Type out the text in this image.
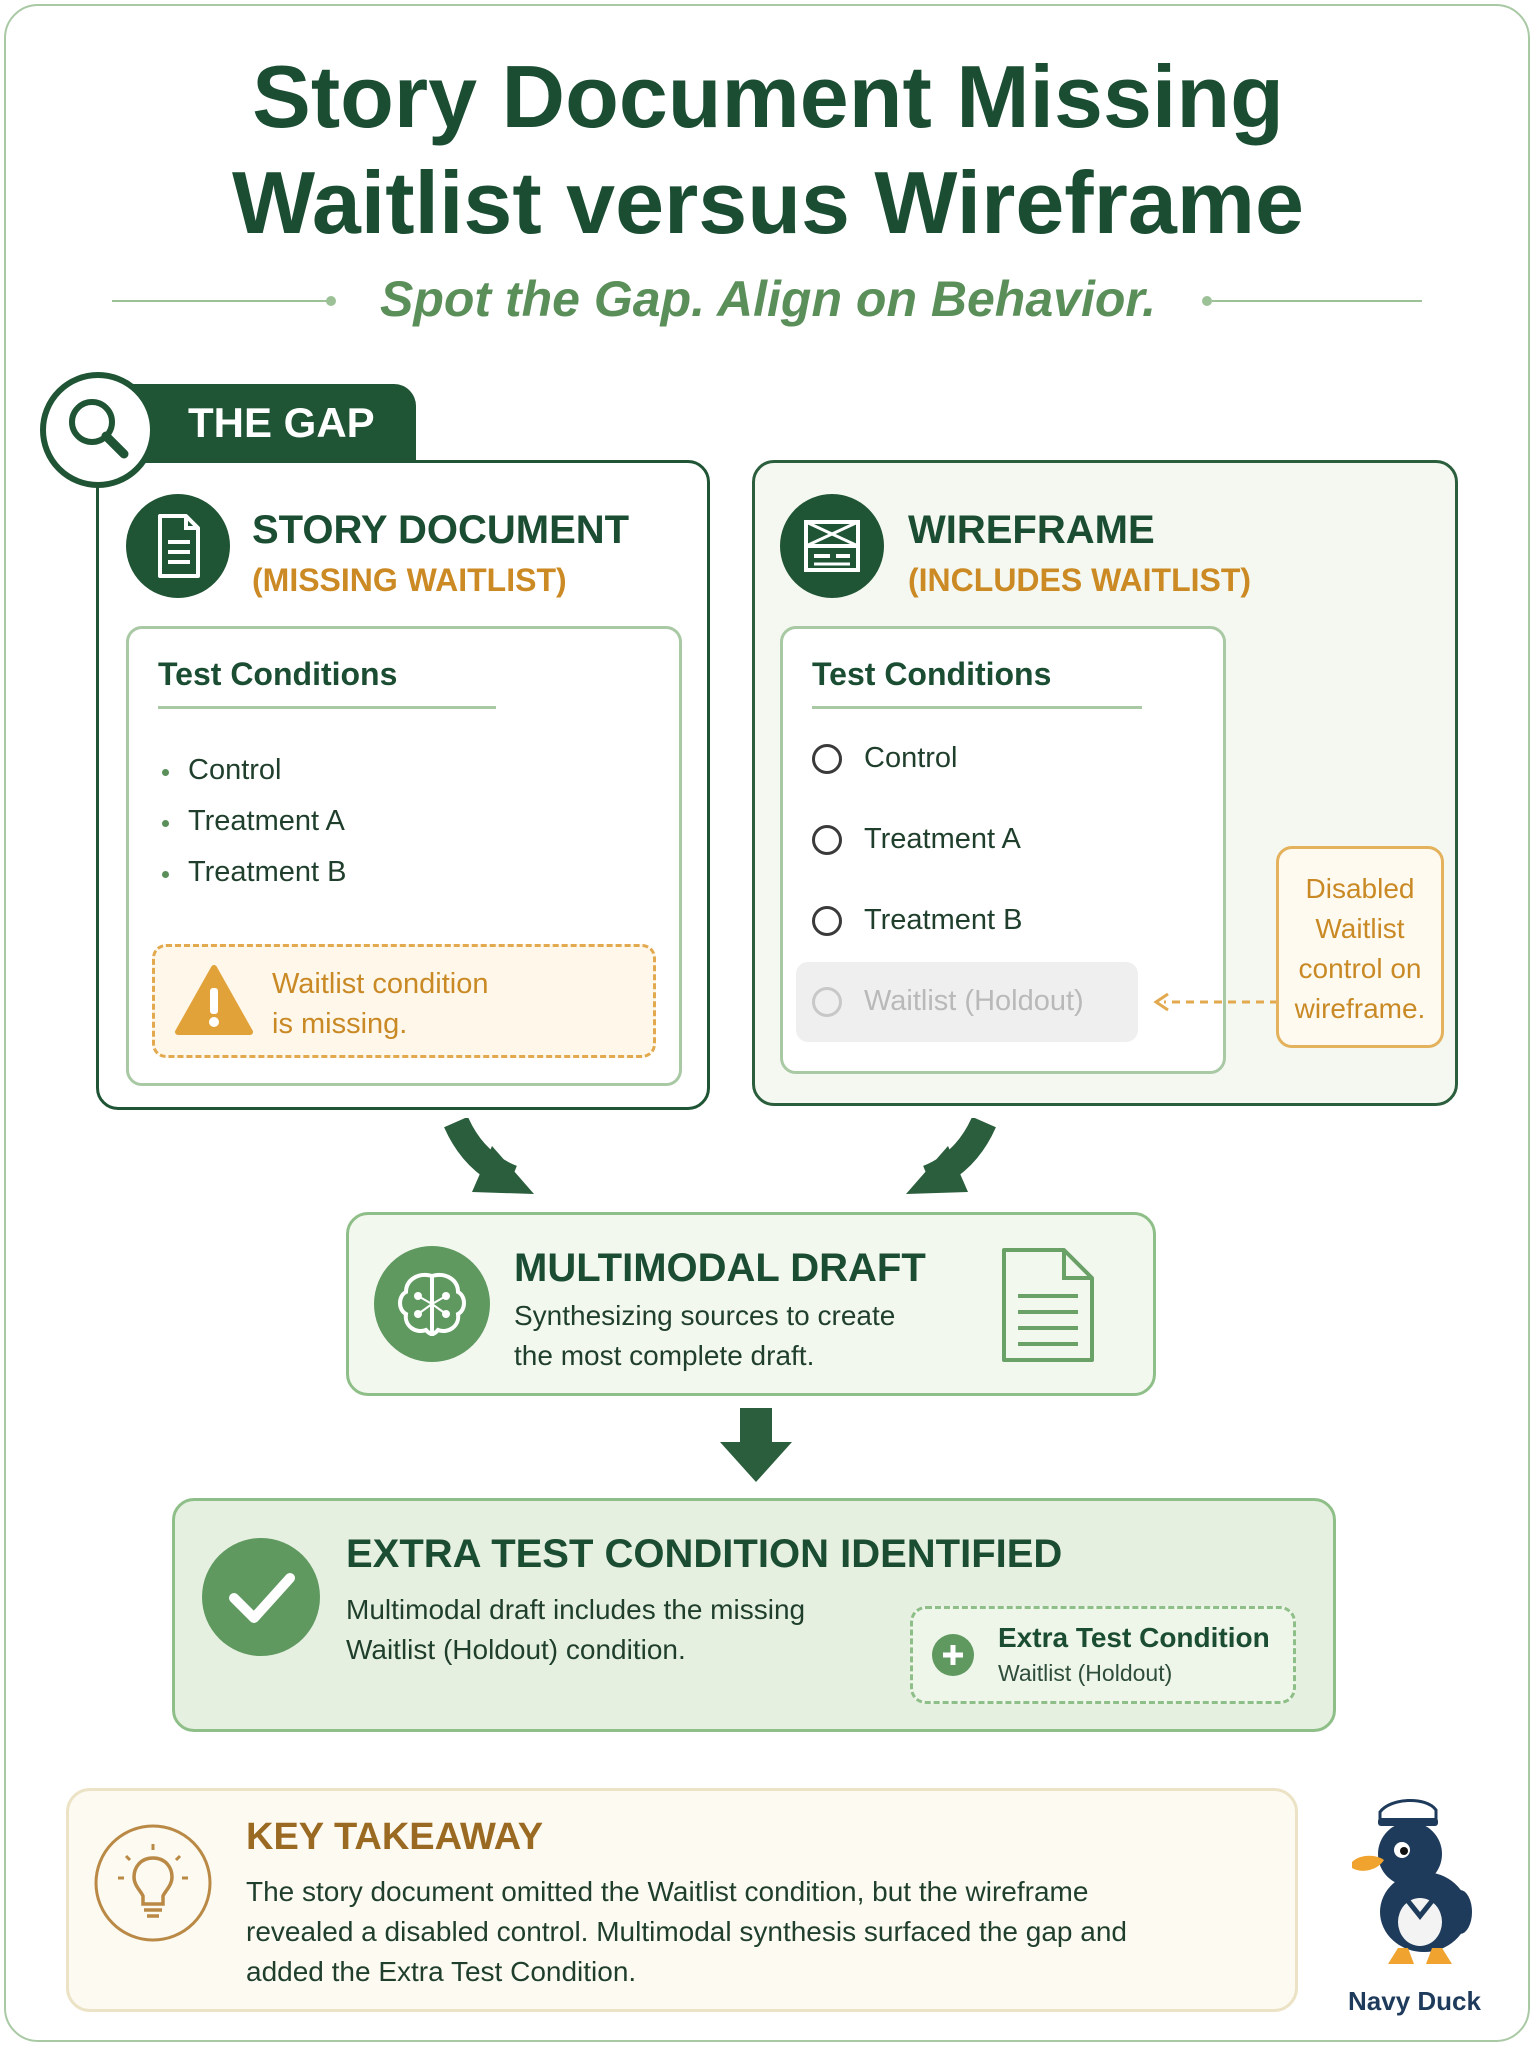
Story Document Missing
Waitlist versus Wireframe
Spot the Gap. Align on Behavior.
THE GAP
STORY DOCUMENT
(MISSING WAITLIST)
Test Conditions
Control
Treatment A
Treatment B
Waitlist condition
is missing.
WIREFRAME
(INCLUDES WAITLIST)
Test Conditions
Control
Treatment A
Treatment B
Waitlist (Holdout)
Disabled
Waitlist
control on
wireframe.
MULTIMODAL DRAFT
Synthesizing sources to create
the most complete draft.
EXTRA TEST CONDITION IDENTIFIED
Multimodal draft includes the missing
Waitlist (Holdout) condition.	Extra Test Condition
Waitlist (Holdout)
KEY TAKEAWAY
The story document omitted the Waitlist condition, but the wireframe
revealed a disabled control. Multimodal synthesis surfaced the gap and
added the Extra Test Condition.
Navy Duck
